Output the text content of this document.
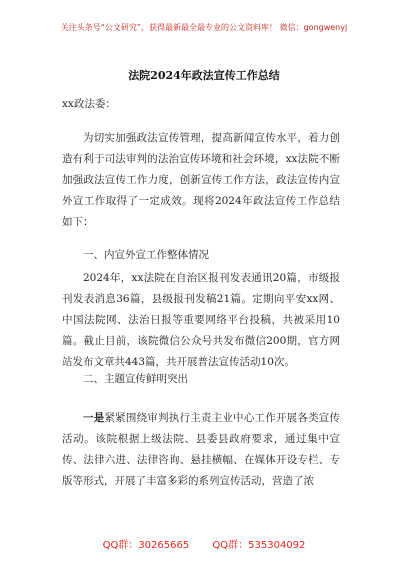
关注头条号“公文研究”，获得最新最全最专业的公文资料库！ 微信：gongwenyj
法院2024年政法宣传工作总结

xx政法委：

为切实加强政法宣传管理，提高新闻宣传水平，着力创造有利于司法审判的法治宣传环境和社会环境，xx法院不断加强政法宣传工作力度，创新宣传工作方法，政法宣传内宣外宣工作取得了一定成效。现将2024年政法宣传工作总结如下：

一、内宣外宣工作整体情况

2024年，xx法院在自治区报刊发表通讯20篇，市级报刊发表消息36篇，县级报刊发稿21篇。定期向平安xx网、中国法院网、法治日报等重要网络平台投稿，共被采用10篇。截止目前，该院微信公众号共发布微信200期，官方网站发布文章共443篇，共开展普法宣传活动10次。

二、主题宣传鲜明突出

一是紧紧围绕审判执行主责主业中心工作开展各类宣传活动。该院根据上级法院、县委县政府要求，通过集中宣传、法律六进、法律咨询、悬挂横幅、在媒体开设专栏、专版等形式，开展了丰富多彩的系列宣传活动，营造了浓

QQ群：30265665 QQ群：535304092
